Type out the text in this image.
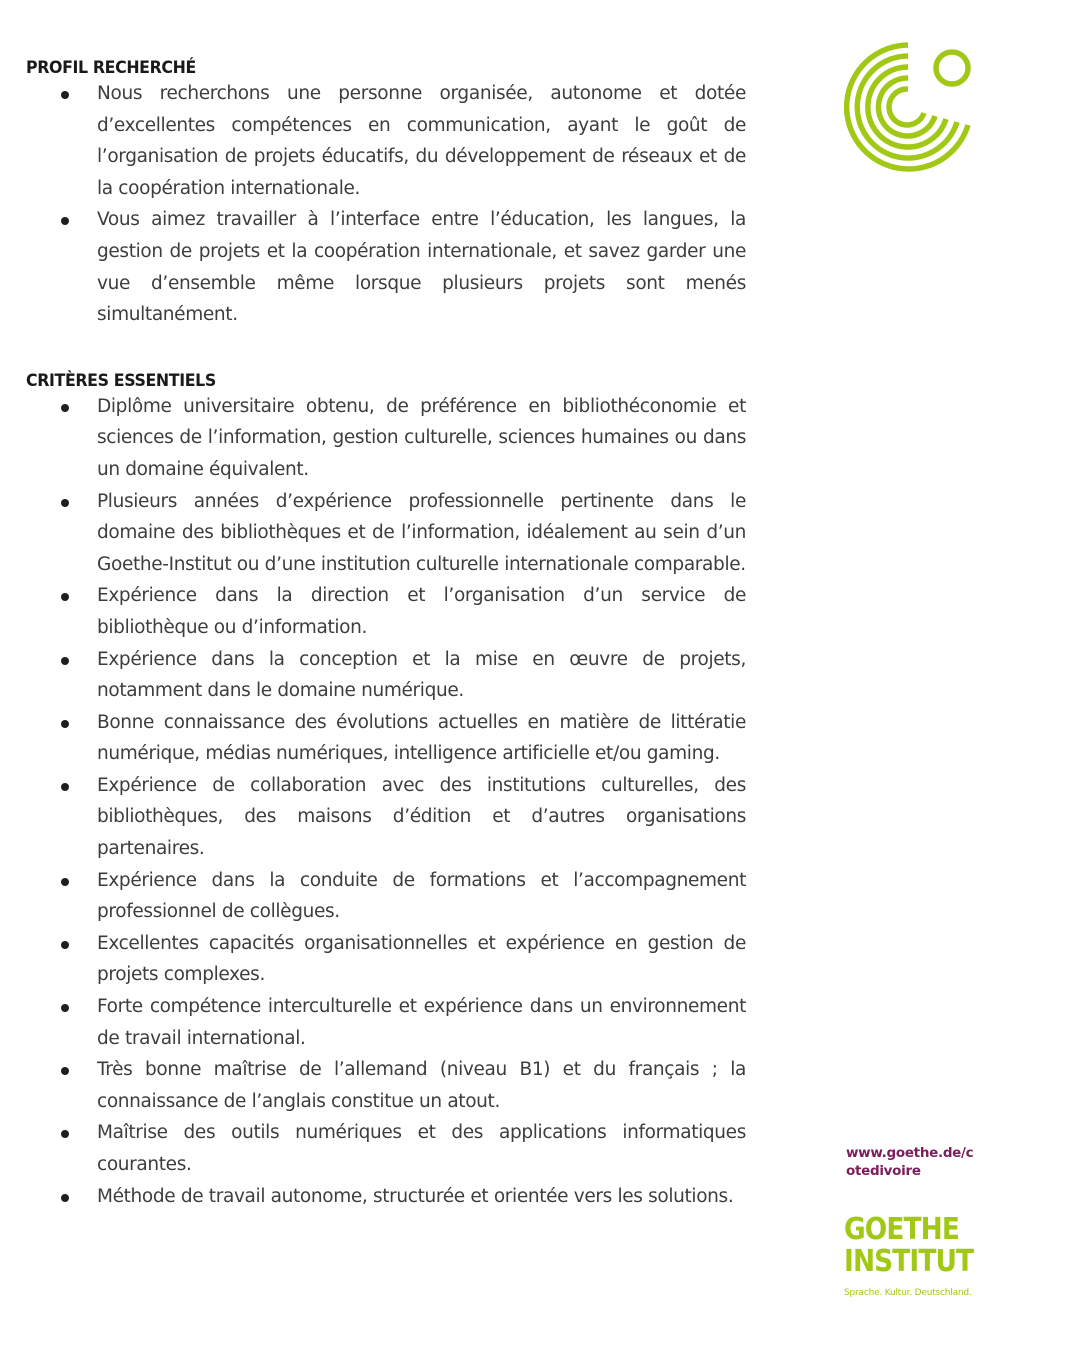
PROFIL RECHERCHÉ
Nous recherchons une personne organisée, autonome et dotée d’excellentes compétences en communication, ayant le goût de l’organisation de projets éducatifs, du développement de réseaux et de la coopération internationale.
Vous aimez travailler à l’interface entre l’éducation, les langues, la gestion de projets et la coopération internationale, et savez garder une vue d’ensemble même lorsque plusieurs projets sont menés simultanément.
CRITÈRES ESSENTIELS
Diplôme universitaire obtenu, de préférence en bibliothéconomie et sciences de l’information, gestion culturelle, sciences humaines ou dans un domaine équivalent.
Plusieurs années d’expérience professionnelle pertinente dans le domaine des bibliothèques et de l’information, idéalement au sein d’un Goethe-Institut ou d’une institution culturelle internationale comparable.
Expérience dans la direction et l’organisation d’un service de bibliothèque ou d’information.
Expérience dans la conception et la mise en œuvre de projets, notamment dans le domaine numérique.
Bonne connaissance des évolutions actuelles en matière de littératie numérique, médias numériques, intelligence artificielle et/ou gaming.
Expérience de collaboration avec des institutions culturelles, des bibliothèques, des maisons d’édition et d’autres organisations partenaires.
Expérience dans la conduite de formations et l’accompagnement professionnel de collègues.
Excellentes capacités organisationnelles et expérience en gestion de projets complexes.
Forte compétence interculturelle et expérience dans un environnement de travail international.
Très bonne maîtrise de l’allemand (niveau B1) et du français ; la connaissance de l’anglais constitue un atout.
Maîtrise des outils numériques et des applications informatiques courantes.
Méthode de travail autonome, structurée et orientée vers les solutions.
www.goethe.de/cotedivoire
GOETHE
INSTITUT
Sprache. Kultur. Deutschland.
